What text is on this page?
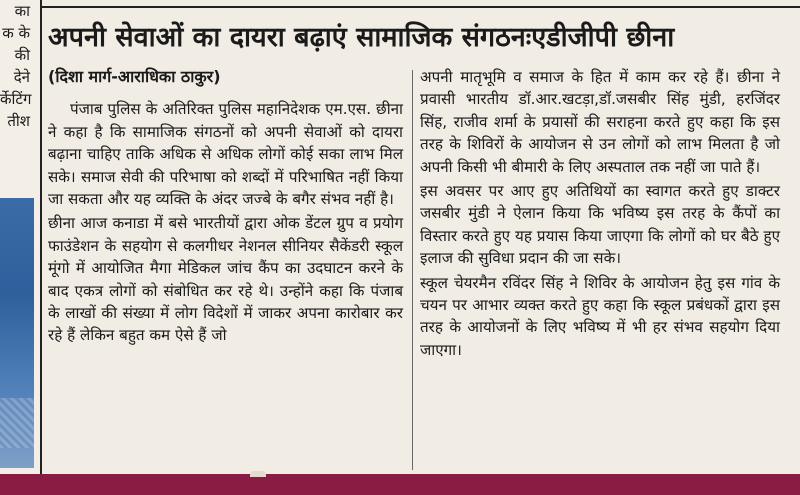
का
क के
की
देने
र्केटिंग
तीश
अपनी सेवाओं का दायरा बढ़ाएं सामाजिक संगठनःएडीजीपी छीना
(दिशा मार्ग-आराधिका ठाकुर)

पंजाब पुलिस के अतिरिक्त पुलिस महानिदेशक एम.एस. छीना ने कहा है कि सामाजिक संगठनों को अपनी सेवाओं को दायरा बढ़ाना चाहिए ताकि अधिक से अधिक लोगों कोई सका लाभ मिल सके। समाज सेवी की परिभाषा को शब्दों में परिभाषित नहीं किया जा सकता और यह व्यक्ति के अंदर जज्बे के बगैर संभव नहीं है।

छीना आज कनाडा में बसे भारतीयों द्वारा ओक डेंटल ग्रुप व प्रयोग फाउंडेशन के सहयोग से कलगीधर नेशनल सीनियर सैकेंडरी स्कूल मूंगो में आयोजित मैगा मेडिकल जांच कैंप का उदघाटन करने के बाद एकत्र लोगों को संबोधित कर रहे थे। उन्होंने कहा कि पंजाब के लाखों की संख्या में लोग विदेशों में जाकर अपना कारोबार कर रहे हैं लेकिन बहुत कम ऐसे हैं जो

अपनी मातृभूमि व समाज के हित में काम कर रहे हैं। छीना ने प्रवासी भारतीय डॉ.आर.खटड़ा,डॉ.जसबीर सिंह मुंडी, हरजिंदर सिंह, राजीव शर्मा के प्रयासों की सराहना करते हुए कहा कि इस तरह के शिविरों के आयोजन से उन लोगों को लाभ मिलता है जो अपनी किसी भी बीमारी के लिए अस्पताल तक नहीं जा पाते हैं।

इस अवसर पर आए हुए अतिथियों का स्वागत करते हुए डाक्टर जसबीर मुंडी ने ऐलान किया कि भविष्य इस तरह के कैंपों का विस्तार करते हुए यह प्रयास किया जाएगा कि लोगों को घर बैठे हुए इलाज की सुविधा प्रदान की जा सके।

स्कूल चेयरमैन रविंदर सिंह ने शिविर के आयोजन हेतु इस गांव के चयन पर आभार व्यक्त करते हुए कहा कि स्कूल प्रबंधकों द्वारा इस तरह के आयोजनों के लिए भविष्य में भी हर संभव सहयोग दिया जाएगा।
